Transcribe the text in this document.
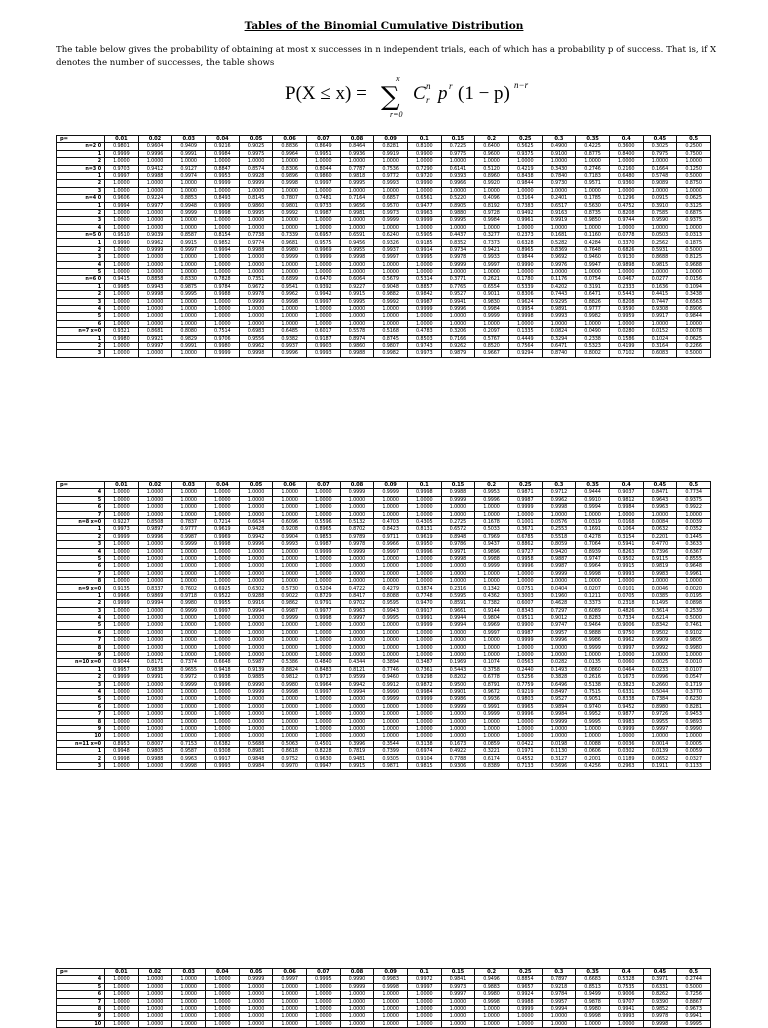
Tables of the Binomial Cumulative Distribution
The table below gives the probability of obtaining at most x successes in n independent trials, each of which has a probability p of success. That is, if X denotes the number of successes, the table shows
P(X ≤ x) =
x
∑
r=0
C n
r p r (1 − p) n−r
p=	0.01	0.02	0.03	0.04	0.05	0.06	0.07	0.08	0.09	0.1	0.15	0.2	0.25	0.3	0.35	0.4	0.45	0.5
n=2 0	0.9801	0.9604	0.9409	0.9216	0.9025	0.8836	0.8649	0.8464	0.8281	0.8100	0.7225	0.6400	0.5625	0.4900	0.4225	0.3600	0.3025	0.2500
1	0.9999	0.9996	0.9991	0.9984	0.9975	0.9964	0.9951	0.9936	0.9919	0.9900	0.9775	0.9600	0.9375	0.9100	0.8775	0.8400	0.7975	0.7500
2	1.0000	1.0000	1.0000	1.0000	1.0000	1.0000	1.0000	1.0000	1.0000	1.0000	1.0000	1.0000	1.0000	1.0000	1.0000	1.0000	1.0000	1.0000
n=3 0	0.9703	0.9412	0.9127	0.8847	0.8574	0.8306	0.8044	0.7787	0.7536	0.7290	0.6141	0.5120	0.4219	0.3430	0.2746	0.2160	0.1664	0.1250
1	0.9997	0.9988	0.9974	0.9953	0.9928	0.9896	0.9860	0.9818	0.9772	0.9720	0.9393	0.8960	0.8438	0.7840	0.7183	0.6480	0.5748	0.5000
2	1.0000	1.0000	1.0000	0.9999	0.9999	0.9998	0.9997	0.9995	0.9993	0.9990	0.9966	0.9920	0.9844	0.9730	0.9571	0.9360	0.9089	0.8750
3	1.0000	1.0000	1.0000	1.0000	1.0000	1.0000	1.0000	1.0000	1.0000	1.0000	1.0000	1.0000	1.0000	1.0000	1.0000	1.0000	1.0000	1.0000
n=4 0	0.9606	0.9224	0.8853	0.8493	0.8145	0.7807	0.7481	0.7164	0.6857	0.6561	0.5220	0.4096	0.3164	0.2401	0.1785	0.1296	0.0915	0.0625
1	0.9994	0.9977	0.9948	0.9909	0.9860	0.9801	0.9733	0.9656	0.9570	0.9477	0.8905	0.8192	0.7383	0.6517	0.5630	0.4752	0.3910	0.3125
2	1.0000	1.0000	0.9999	0.9998	0.9995	0.9992	0.9987	0.9981	0.9973	0.9963	0.9880	0.9728	0.9492	0.9163	0.8735	0.8208	0.7585	0.6875
3	1.0000	1.0000	1.0000	1.0000	1.0000	1.0000	1.0000	1.0000	0.9999	0.9999	0.9995	0.9984	0.9961	0.9919	0.9850	0.9744	0.9590	0.9375
4	1.0000	1.0000	1.0000	1.0000	1.0000	1.0000	1.0000	1.0000	1.0000	1.0000	1.0000	1.0000	1.0000	1.0000	1.0000	1.0000	1.0000	1.0000
n=5 0	0.9510	0.9039	0.8587	0.8154	0.7738	0.7339	0.6957	0.6591	0.6240	0.5905	0.4437	0.3277	0.2373	0.1681	0.1160	0.0778	0.0503	0.0313
1	0.9990	0.9962	0.9915	0.9852	0.9774	0.9681	0.9575	0.9456	0.9326	0.9185	0.8352	0.7373	0.6328	0.5282	0.4284	0.3370	0.2562	0.1875
2	1.0000	0.9999	0.9997	0.9994	0.9988	0.9980	0.9969	0.9955	0.9937	0.9914	0.9734	0.9421	0.8965	0.8369	0.7648	0.6826	0.5931	0.5000
3	1.0000	1.0000	1.0000	1.0000	1.0000	0.9999	0.9999	0.9998	0.9997	0.9995	0.9978	0.9933	0.9844	0.9692	0.9460	0.9130	0.8688	0.8125
4	1.0000	1.0000	1.0000	1.0000	1.0000	1.0000	1.0000	1.0000	1.0000	1.0000	0.9999	0.9997	0.9990	0.9976	0.9947	0.9898	0.9815	0.9688
5	1.0000	1.0000	1.0000	1.0000	1.0000	1.0000	1.0000	1.0000	1.0000	1.0000	1.0000	1.0000	1.0000	1.0000	1.0000	1.0000	1.0000	1.0000
n=6 0	0.9415	0.8858	0.8330	0.7828	0.7351	0.6899	0.6470	0.6064	0.5679	0.5314	0.3771	0.2621	0.1780	0.1176	0.0754	0.0467	0.0277	0.0156
1	0.9985	0.9943	0.9875	0.9784	0.9672	0.9541	0.9392	0.9227	0.9048	0.8857	0.7765	0.6554	0.5339	0.4202	0.3191	0.2333	0.1636	0.1094
2	1.0000	0.9998	0.9995	0.9988	0.9978	0.9962	0.9942	0.9915	0.9882	0.9842	0.9527	0.9011	0.8306	0.7443	0.6471	0.5443	0.4415	0.3438
3	1.0000	1.0000	1.0000	1.0000	0.9999	0.9998	0.9997	0.9995	0.9992	0.9987	0.9941	0.9830	0.9624	0.9295	0.8826	0.8208	0.7447	0.6563
4	1.0000	1.0000	1.0000	1.0000	1.0000	1.0000	1.0000	1.0000	1.0000	0.9999	0.9996	0.9984	0.9954	0.9891	0.9777	0.9590	0.9308	0.8906
5	1.0000	1.0000	1.0000	1.0000	1.0000	1.0000	1.0000	1.0000	1.0000	1.0000	1.0000	0.9999	0.9998	0.9993	0.9982	0.9959	0.9917	0.9844
6	1.0000	1.0000	1.0000	1.0000	1.0000	1.0000	1.0000	1.0000	1.0000	1.0000	1.0000	1.0000	1.0000	1.0000	1.0000	1.0000	1.0000	1.0000
n=7 x=0	0.9321	0.8681	0.8080	0.7514	0.6983	0.6485	0.6017	0.5578	0.5168	0.4783	0.3206	0.2097	0.1335	0.0824	0.0490	0.0280	0.0152	0.0078
1	0.9980	0.9921	0.9829	0.9706	0.9556	0.9382	0.9187	0.8974	0.8745	0.8503	0.7166	0.5767	0.4449	0.3294	0.2338	0.1586	0.1024	0.0625
2	1.0000	0.9997	0.9991	0.9980	0.9962	0.9937	0.9903	0.9860	0.9807	0.9743	0.9262	0.8520	0.7564	0.6471	0.5323	0.4199	0.3164	0.2266
3	1.0000	1.0000	1.0000	0.9999	0.9998	0.9996	0.9993	0.9988	0.9982	0.9973	0.9879	0.9667	0.9294	0.8740	0.8002	0.7102	0.6083	0.5000
p=	0.01	0.02	0.03	0.04	0.05	0.06	0.07	0.08	0.09	0.1	0.15	0.2	0.25	0.3	0.35	0.4	0.45	0.5
4	1.0000	1.0000	1.0000	1.0000	1.0000	1.0000	1.0000	0.9999	0.9999	0.9998	0.9988	0.9953	0.9871	0.9712	0.9444	0.9037	0.8471	0.7734
5	1.0000	1.0000	1.0000	1.0000	1.0000	1.0000	1.0000	1.0000	1.0000	1.0000	0.9999	0.9996	0.9987	0.9962	0.9910	0.9812	0.9643	0.9375
6	1.0000	1.0000	1.0000	1.0000	1.0000	1.0000	1.0000	1.0000	1.0000	1.0000	1.0000	1.0000	0.9999	0.9998	0.9994	0.9984	0.9963	0.9922
7	1.0000	1.0000	1.0000	1.0000	1.0000	1.0000	1.0000	1.0000	1.0000	1.0000	1.0000	1.0000	1.0000	1.0000	1.0000	1.0000	1.0000	1.0000
n=8 x=0	0.9227	0.8508	0.7837	0.7214	0.6634	0.6096	0.5596	0.5132	0.4703	0.4305	0.2725	0.1678	0.1001	0.0576	0.0319	0.0168	0.0084	0.0039
1	0.9973	0.9897	0.9777	0.9619	0.9428	0.9208	0.8965	0.8702	0.8423	0.8131	0.6572	0.5033	0.3671	0.2553	0.1691	0.1064	0.0632	0.0352
2	0.9999	0.9996	0.9987	0.9969	0.9942	0.9904	0.9853	0.9789	0.9711	0.9619	0.8948	0.7969	0.6785	0.5518	0.4278	0.3154	0.2201	0.1445
3	1.0000	1.0000	0.9999	0.9998	0.9996	0.9993	0.9987	0.9978	0.9966	0.9950	0.9786	0.9437	0.8862	0.8059	0.7064	0.5941	0.4770	0.3633
4	1.0000	1.0000	1.0000	1.0000	1.0000	1.0000	0.9999	0.9999	0.9997	0.9996	0.9971	0.9896	0.9727	0.9420	0.8939	0.8263	0.7396	0.6367
5	1.0000	1.0000	1.0000	1.0000	1.0000	1.0000	1.0000	1.0000	1.0000	1.0000	0.9998	0.9988	0.9958	0.9887	0.9747	0.9502	0.9115	0.8555
6	1.0000	1.0000	1.0000	1.0000	1.0000	1.0000	1.0000	1.0000	1.0000	1.0000	1.0000	0.9999	0.9996	0.9987	0.9964	0.9915	0.9819	0.9648
7	1.0000	1.0000	1.0000	1.0000	1.0000	1.0000	1.0000	1.0000	1.0000	1.0000	1.0000	1.0000	1.0000	0.9999	0.9998	0.9993	0.9983	0.9961
8	1.0000	1.0000	1.0000	1.0000	1.0000	1.0000	1.0000	1.0000	1.0000	1.0000	1.0000	1.0000	1.0000	1.0000	1.0000	1.0000	1.0000	1.0000
n=9 x=0	0.9135	0.8337	0.7602	0.6925	0.6302	0.5730	0.5204	0.4722	0.4279	0.3874	0.2316	0.1342	0.0751	0.0404	0.0207	0.0101	0.0046	0.0020
1	0.9966	0.9869	0.9718	0.9522	0.9288	0.9022	0.8729	0.8417	0.8088	0.7748	0.5995	0.4362	0.3003	0.1960	0.1211	0.0705	0.0385	0.0195
2	0.9999	0.9994	0.9980	0.9955	0.9916	0.9862	0.9791	0.9702	0.9595	0.9470	0.8591	0.7382	0.6007	0.4628	0.3373	0.2318	0.1495	0.0898
3	1.0000	1.0000	0.9999	0.9997	0.9994	0.9987	0.9977	0.9963	0.9943	0.9917	0.9661	0.9144	0.8343	0.7297	0.6089	0.4826	0.3614	0.2539
4	1.0000	1.0000	1.0000	1.0000	1.0000	0.9999	0.9998	0.9997	0.9995	0.9991	0.9944	0.9804	0.9511	0.9012	0.8283	0.7334	0.6214	0.5000
5	1.0000	1.0000	1.0000	1.0000	1.0000	1.0000	1.0000	1.0000	1.0000	0.9999	0.9994	0.9969	0.9900	0.9747	0.9464	0.9006	0.8342	0.7461
6	1.0000	1.0000	1.0000	1.0000	1.0000	1.0000	1.0000	1.0000	1.0000	1.0000	1.0000	0.9997	0.9987	0.9957	0.9888	0.9750	0.9502	0.9102
7	1.0000	1.0000	1.0000	1.0000	1.0000	1.0000	1.0000	1.0000	1.0000	1.0000	1.0000	1.0000	0.9999	0.9996	0.9986	0.9962	0.9909	0.9805
8	1.0000	1.0000	1.0000	1.0000	1.0000	1.0000	1.0000	1.0000	1.0000	1.0000	1.0000	1.0000	1.0000	1.0000	0.9999	0.9997	0.9992	0.9980
9	1.0000	1.0000	1.0000	1.0000	1.0000	1.0000	1.0000	1.0000	1.0000	1.0000	1.0000	1.0000	1.0000	1.0000	1.0000	1.0000	1.0000	1.0000
n=10 x=0	0.9044	0.8171	0.7374	0.6648	0.5987	0.5386	0.4840	0.4344	0.3894	0.3487	0.1969	0.1074	0.0563	0.0282	0.0135	0.0060	0.0025	0.0010
1	0.9957	0.9838	0.9655	0.9418	0.9139	0.8824	0.8483	0.8121	0.7746	0.7361	0.5443	0.3758	0.2440	0.1493	0.0860	0.0464	0.0233	0.0107
2	0.9999	0.9991	0.9972	0.9938	0.9885	0.9812	0.9717	0.9599	0.9460	0.9298	0.8202	0.6778	0.5256	0.3828	0.2616	0.1673	0.0996	0.0547
3	1.0000	1.0000	0.9999	0.9996	0.9990	0.9980	0.9964	0.9942	0.9912	0.9872	0.9500	0.8791	0.7759	0.6496	0.5138	0.3823	0.2660	0.1719
4	1.0000	1.0000	1.0000	1.0000	0.9999	0.9998	0.9997	0.9994	0.9990	0.9984	0.9901	0.9672	0.9219	0.8497	0.7515	0.6331	0.5044	0.3770
5	1.0000	1.0000	1.0000	1.0000	1.0000	1.0000	1.0000	1.0000	0.9999	0.9999	0.9986	0.9936	0.9803	0.9527	0.9051	0.8338	0.7384	0.6230
6	1.0000	1.0000	1.0000	1.0000	1.0000	1.0000	1.0000	1.0000	1.0000	1.0000	0.9999	0.9991	0.9965	0.9894	0.9740	0.9452	0.8980	0.8281
7	1.0000	1.0000	1.0000	1.0000	1.0000	1.0000	1.0000	1.0000	1.0000	1.0000	1.0000	0.9999	0.9996	0.9984	0.9952	0.9877	0.9726	0.9453
8	1.0000	1.0000	1.0000	1.0000	1.0000	1.0000	1.0000	1.0000	1.0000	1.0000	1.0000	1.0000	1.0000	0.9999	0.9995	0.9983	0.9955	0.9893
9	1.0000	1.0000	1.0000	1.0000	1.0000	1.0000	1.0000	1.0000	1.0000	1.0000	1.0000	1.0000	1.0000	1.0000	1.0000	0.9999	0.9997	0.9990
10	1.0000	1.0000	1.0000	1.0000	1.0000	1.0000	1.0000	1.0000	1.0000	1.0000	1.0000	1.0000	1.0000	1.0000	1.0000	1.0000	1.0000	1.0000
n=11 x=0	0.8953	0.8007	0.7153	0.6382	0.5688	0.5063	0.4501	0.3996	0.3544	0.3138	0.1673	0.0859	0.0422	0.0198	0.0088	0.0036	0.0014	0.0005
1	0.9948	0.9805	0.9587	0.9308	0.8981	0.8618	0.8228	0.7819	0.7399	0.6974	0.4922	0.3221	0.1971	0.1130	0.0606	0.0302	0.0139	0.0059
2	0.9998	0.9988	0.9963	0.9917	0.9848	0.9752	0.9630	0.9481	0.9305	0.9104	0.7788	0.6174	0.4552	0.3127	0.2001	0.1189	0.0652	0.0327
3	1.0000	1.0000	0.9998	0.9993	0.9984	0.9970	0.9947	0.9915	0.9871	0.9815	0.9306	0.8389	0.7133	0.5696	0.4256	0.2963	0.1911	0.1133
p=	0.01	0.02	0.03	0.04	0.05	0.06	0.07	0.08	0.09	0.1	0.15	0.2	0.25	0.3	0.35	0.4	0.45	0.5
4	1.0000	1.0000	1.0000	1.0000	0.9999	0.9997	0.9995	0.9990	0.9983	0.9972	0.9841	0.9496	0.8854	0.7897	0.6683	0.5328	0.3971	0.2744
5	1.0000	1.0000	1.0000	1.0000	1.0000	1.0000	1.0000	0.9999	0.9998	0.9997	0.9973	0.9883	0.9657	0.9218	0.8513	0.7535	0.6331	0.5000
6	1.0000	1.0000	1.0000	1.0000	1.0000	1.0000	1.0000	1.0000	1.0000	1.0000	0.9997	0.9980	0.9924	0.9784	0.9499	0.9006	0.8262	0.7256
7	1.0000	1.0000	1.0000	1.0000	1.0000	1.0000	1.0000	1.0000	1.0000	1.0000	1.0000	0.9998	0.9988	0.9957	0.9878	0.9707	0.9390	0.8867
8	1.0000	1.0000	1.0000	1.0000	1.0000	1.0000	1.0000	1.0000	1.0000	1.0000	1.0000	1.0000	0.9999	0.9994	0.9980	0.9941	0.9852	0.9673
9	1.0000	1.0000	1.0000	1.0000	1.0000	1.0000	1.0000	1.0000	1.0000	1.0000	1.0000	1.0000	1.0000	1.0000	0.9998	0.9993	0.9978	0.9941
10	1.0000	1.0000	1.0000	1.0000	1.0000	1.0000	1.0000	1.0000	1.0000	1.0000	1.0000	1.0000	1.0000	1.0000	1.0000	1.0000	0.9998	0.9995
